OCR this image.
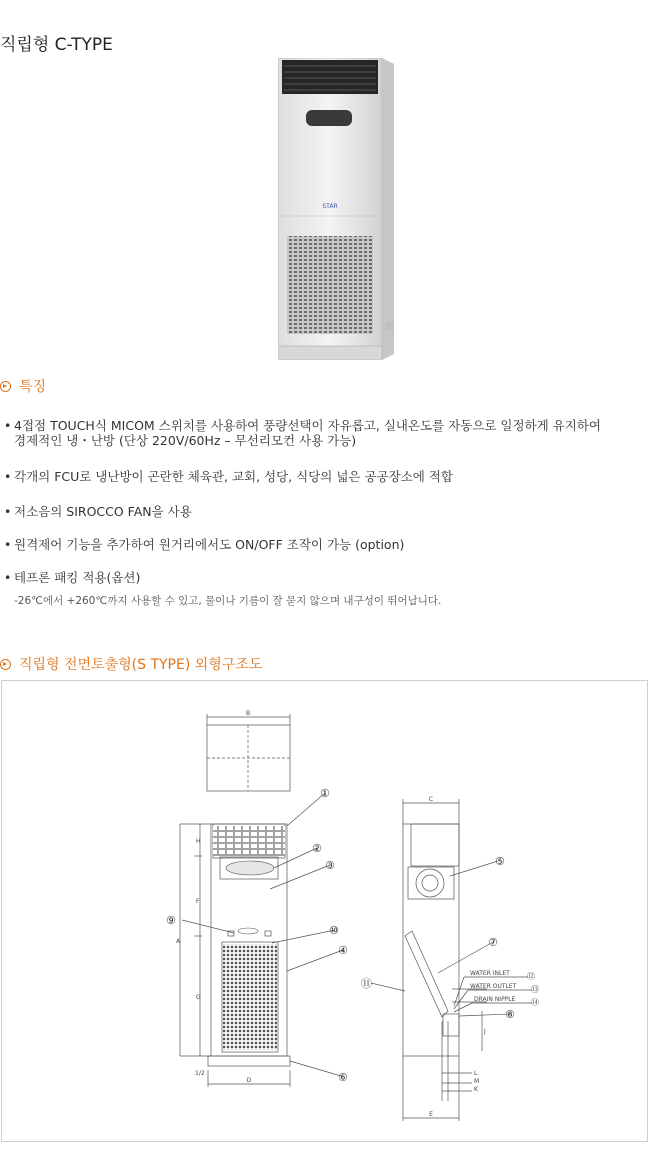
직립형 C-TYPE
STAR
특징
• 4접점 TOUCH식 MICOM 스위치를 사용하여 풍량선택이 자유롭고, 실내온도를 자동으로 일정하게 유지하여
경제적인 냉・난방 (단상 220V/60Hz – 무선리모컨 사용 가능)
• 각개의 FCU로 냉난방이 곤란한 체육관, 교회, 성당, 식당의 넓은 공공장소에 적합
• 저소음의 SIROCCO FAN을 사용
• 원격제어 기능을 추가하여 원거리에서도 ON/OFF 조작이 가능 (option)
• 테프론 패킹 적용(옵션)
-26℃에서 +260℃까지 사용할 수 있고, 물이나 기름이 잘 묻지 않으며 내구성이 뛰어납니다.
직립형 전면토출형(S TYPE) 외형구조도
B
C
H
F
A
G
1/2
D
E
L
M
K
J
WATER INLET
WATER OUTLET
DRAIN NIPPLE
①
②
③
④
⑤
⑥
⑦
⑧
⑨
⑩
⑪
⑫
⑬
⑭
